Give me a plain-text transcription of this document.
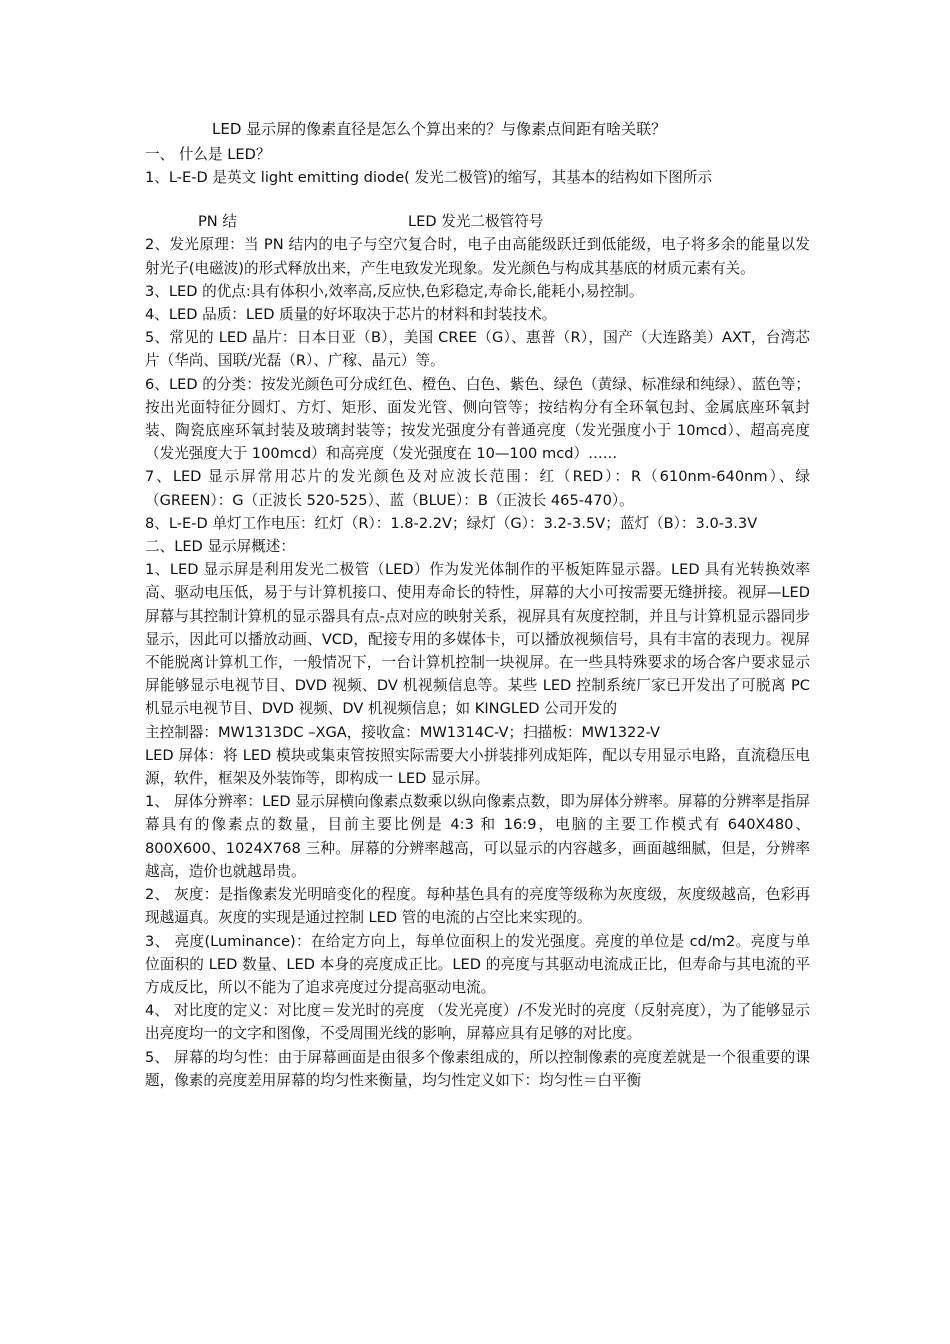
LED 显示屏的像素直径是怎么个算出来的？与像素点间距有啥关联？

一、 什么是 LED？

1、L-E-D 是英文 light emitting diode( 发光二极管)的缩写，其基本的结构如下图所示

PN 结	LED 发光二极管符号

2、发光原理：当 PN 结内的电子与空穴复合时，电子由高能级跃迁到低能级，电子将多余的能量以发射光子(电磁波)的形式释放出来，产生电致发光现象。发光颜色与构成其基底的材质元素有关。

3、LED 的优点:具有体积小,效率高,反应快,色彩稳定,寿命长,能耗小,易控制。

4、LED 品质：LED 质量的好坏取决于芯片的材料和封装技术。

5、常见的 LED 晶片：日本日亚（B），美国 CREE（G）、惠普（R），国产（大连路美）AXT，台湾芯片（华尚、国联/光磊（R）、广稼、晶元）等。

6、LED 的分类：按发光颜色可分成红色、橙色、白色、紫色、绿色（黄绿、标准绿和纯绿）、蓝色等；按出光面特征分圆灯、方灯、矩形、面发光管、侧向管等；按结构分有全环氧包封、金属底座环氧封装、陶瓷底座环氧封装及玻璃封装等；按发光强度分有普通亮度（发光强度小于 10mcd）、超高亮度（发光强度大于 100mcd）和高亮度（发光强度在 10—100 mcd）……

7、LED 显示屏常用芯片的发光颜色及对应波长范围：红（RED）：R（610nm-640nm）、绿（GREEN）：G（正波长 520-525）、蓝（BLUE）：B（正波长 465-470）。

8、L-E-D 单灯工作电压：红灯（R）：1.8-2.2V；绿灯（G）：3.2-3.5V；蓝灯（B）：3.0-3.3V

二、LED 显示屏概述：

1、LED 显示屏是利用发光二极管（LED）作为发光体制作的平板矩阵显示器。LED 具有光转换效率高、驱动电压低，易于与计算机接口、使用寿命长的特性，屏幕的大小可按需要无缝拼接。视屏—LED 屏幕与其控制计算机的显示器具有点-点对应的映射关系，视屏具有灰度控制，并且与计算机显示器同步显示，因此可以播放动画、VCD，配接专用的多媒体卡，可以播放视频信号，具有丰富的表现力。视屏不能脱离计算机工作，一般情况下，一台计算机控制一块视屏。在一些具特殊要求的场合客户要求显示屏能够显示电视节目、DVD 视频、DV 机视频信息等。某些 LED 控制系统厂家已开发出了可脱离 PC 机显示电视节目、DVD 视频、DV 机视频信息；如 KINGLED 公司开发的

主控制器：MW1313DC –XGA，接收盒：MW1314C-V；扫描板：MW1322-V

LED 屏体：将 LED 模块或集束管按照实际需要大小拼装排列成矩阵，配以专用显示电路，直流稳压电源，软件，框架及外装饰等，即构成一 LED 显示屏。

1、 屏体分辨率：LED 显示屏横向像素点数乘以纵向像素点数，即为屏体分辨率。屏幕的分辨率是指屏幕具有的像素点的数量，目前主要比例是 4:3 和 16:9，电脑的主要工作模式有 640X480、800X600、1024X768 三种。屏幕的分辨率越高，可以显示的内容越多，画面越细腻，但是，分辨率越高，造价也就越昂贵。

2、 灰度：是指像素发光明暗变化的程度。每种基色具有的亮度等级称为灰度级，灰度级越高，色彩再现越逼真。灰度的实现是通过控制 LED 管的电流的占空比来实现的。

3、 亮度(Luminance)：在给定方向上，每单位面积上的发光强度。亮度的单位是 cd/m2。亮度与单位面积的 LED 数量、LED 本身的亮度成正比。LED 的亮度与其驱动电流成正比，但寿命与其电流的平方成反比，所以不能为了追求亮度过分提高驱动电流。

4、 对比度的定义：对比度＝发光时的亮度 （发光亮度）/不发光时的亮度（反射亮度），为了能够显示出亮度均一的文字和图像，不受周围光线的影响，屏幕应具有足够的对比度。

5、 屏幕的均匀性：由于屏幕画面是由很多个像素组成的，所以控制像素的亮度差就是一个很重要的课题，像素的亮度差用屏幕的均匀性来衡量，均匀性定义如下：均匀性＝白平衡
